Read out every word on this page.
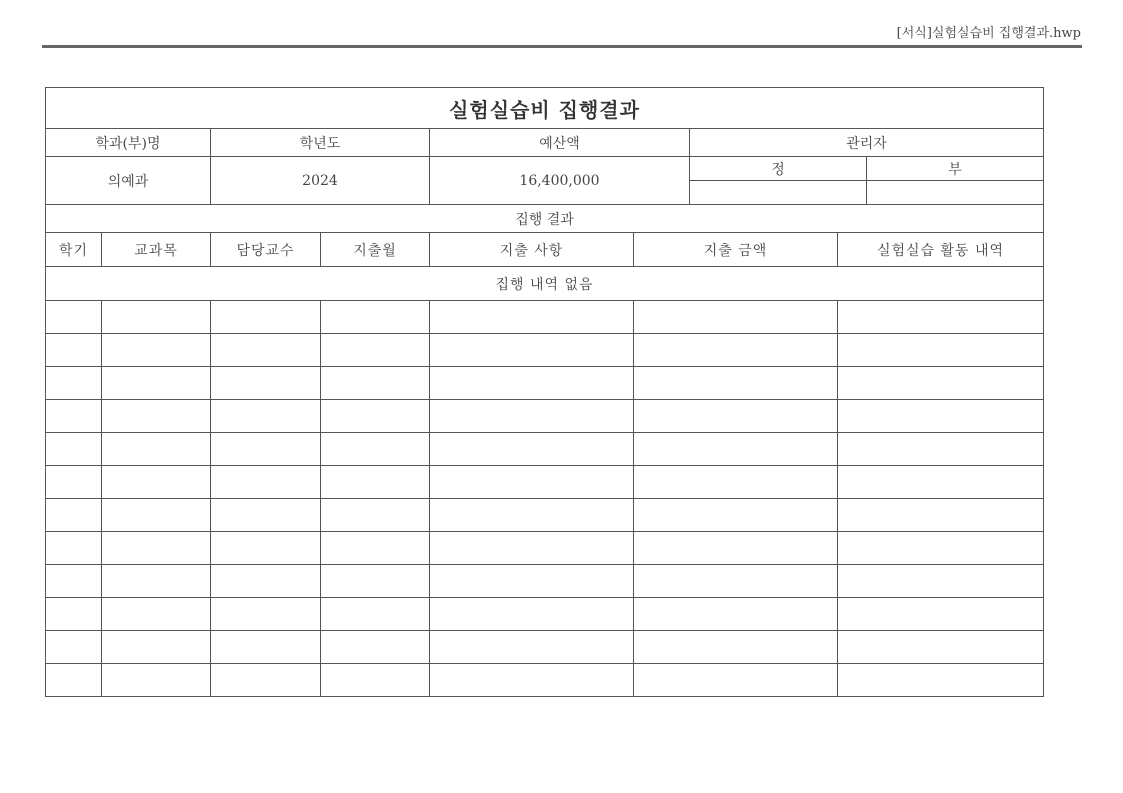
[서식]실험실습비 집행결과.hwp
실험실습비 집행결과								
학과(부)명		학년도		예산액		관리자		
의예과		2024		16,400,000		정		부

집행 결과								
학기	교과목	담당교수	지출월	지출 사항	지출 금액		실험실습 활동 내역	
집행 내역 없음								
